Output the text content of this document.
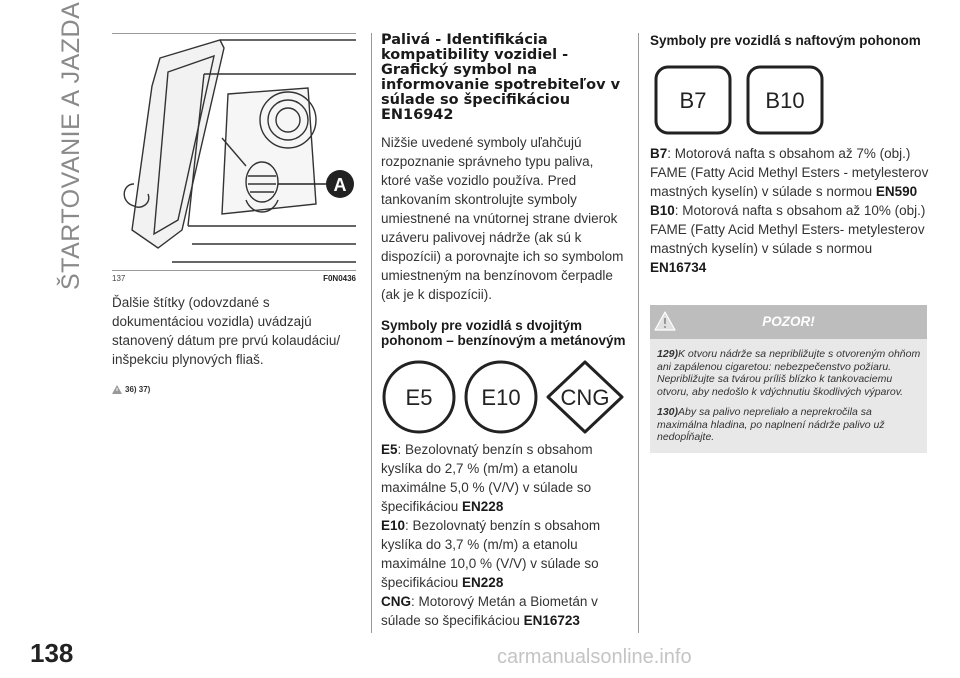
ŠTARTOVANIE A JAZDA
138
A
137	F0N0436
Ďalšie štítky (odovzdané s dokumentáciou vozidla) uvádzajú stanovený dátum pre prvú kolaudáciu/ inšpekciu plynových fliaš.
36) 37)
Palivá - Identifikácia kompatibility vozidiel - Grafický symbol na informovanie spotrebiteľov v súlade so špecifikáciou EN16942
Nižšie uvedené symboly uľahčujú rozpoznanie správneho typu paliva, ktoré vaše vozidlo používa. Pred tankovaním skontrolujte symboly umiestnené na vnútornej strane dvierok uzáveru palivovej nádrže (ak sú k dispozícii) a porovnajte ich so symbolom umiestneným na benzínovom čerpadle (ak je k dispozícii).
Symboly pre vozidlá s dvojitým pohonom – benzínovým a metánovým
E5 E10 CNG
E5: Bezolovnatý benzín s obsahom kyslíka do 2,7 % (m/m) a etanolu maximálne 5,0 % (V/V) v súlade so špecifikáciou EN228
E10: Bezolovnatý benzín s obsahom kyslíka do 3,7 % (m/m) a etanolu maximálne 10,0 % (V/V) v súlade so špecifikáciou EN228
CNG: Motorový Metán a Biometán v súlade so špecifikáciou EN16723
Symboly pre vozidlá s naftovým pohonom
B7	B10
B7: Motorová nafta s obsahom až 7% (obj.) FAME (Fatty Acid Methyl Esters - metylesterov mastných kyselín) v súlade s normou EN590
B10: Motorová nafta s obsahom až 10% (obj.) FAME (Fatty Acid Methyl Esters- metylesterov mastných kyselín) v súlade s normou EN16734
POZOR!

129)K otvoru nádrže sa nepribližujte s otvoreným ohňom ani zapálenou cigaretou: nebezpečenstvo požiaru. Nepribližujte sa tvárou príliš blízko k tankovaciemu otvoru, aby nedošlo k vdýchnutiu škodlivých výparov.

130)Aby sa palivo nepreliało a neprekročila sa maximálna hladina, po naplnení nádrže palivo už nedopĺňajte.

carmanualsonline.info
